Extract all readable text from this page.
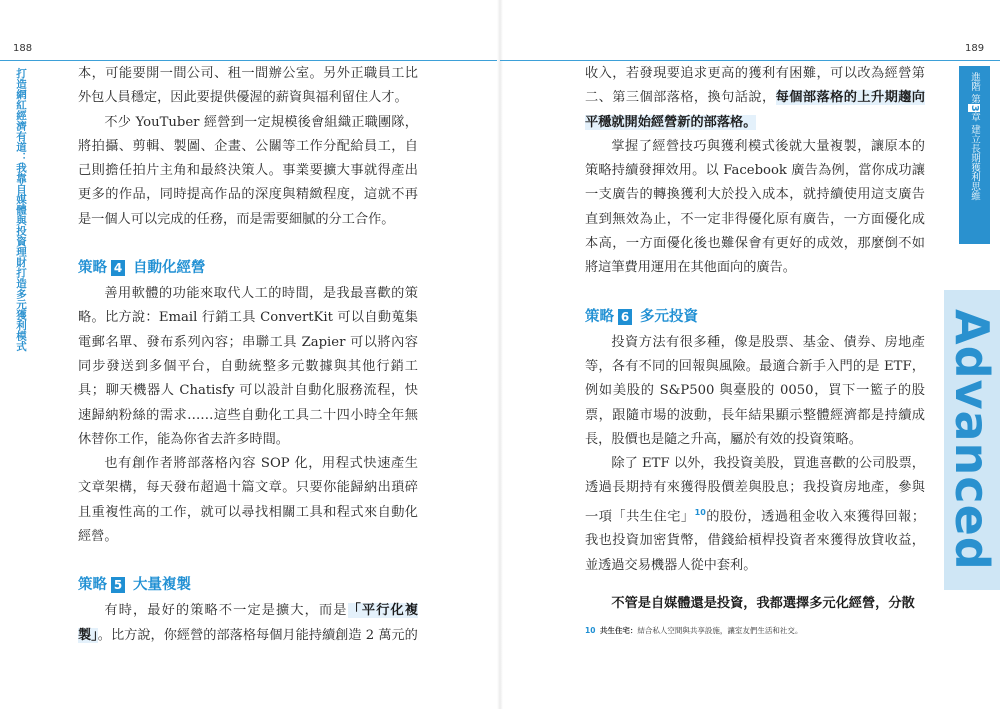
188
打造網紅經濟有道：我靠自媒體與投資理財打造多元獲利模式	本，可能要開一間公司、租一間辦公室。另外正職員工比外包人員穩定，因此要提供優渥的薪資與福利留住人才。

不少 YouTuber 經營到一定規模後會組織正職團隊，將拍攝、剪輯、製圖、企畫、公關等工作分配給員工，自己則擔任拍片主角和最終決策人。事業要擴大事就得產出更多的作品，同時提高作品的深度與精緻程度，這就不再是一個人可以完成的任務，而是需要細膩的分工合作。

策略 4 自動化經營

善用軟體的功能來取代人工的時間，是我最喜歡的策略。比方說：Email 行銷工具 ConvertKit 可以自動蒐集電郵名單、發布系列內容；串聯工具 Zapier 可以將內容同步發送到多個平台，自動統整多元數據與其他行銷工具；聊天機器人 Chatisfy 可以設計自動化服務流程，快速歸納粉絲的需求……這些自動化工具二十四小時全年無休替你工作，能為你省去許多時間。

也有創作者將部落格內容 SOP 化，用程式快速產生文章架構，每天發布超過十篇文章。只要你能歸納出瑣碎且重複性高的工作，就可以尋找相關工具和程式來自動化經營。

策略 5 大量複製

有時，最好的策略不一定是擴大，而是「平行化複製」。比方說，你經營的部落格每個月能持續創造 2 萬元的

189

收入，若發現要追求更高的獲利有困難，可以改為經營第二、第三個部落格，換句話說，每個部落格的上升期趨向平穩就開始經營新的部落格。

掌握了經營技巧與獲利模式後就大量複製，讓原本的策略持續發揮效用。以 Facebook 廣告為例，當你成功讓一支廣告的轉換獲利大於投入成本，就持續使用這支廣告直到無效為止，不一定非得優化原有廣告，一方面優化成本高，一方面優化後也難保會有更好的成效，那麼倒不如將這筆費用運用在其他面向的廣告。

策略 6 多元投資

投資方法有很多種，像是股票、基金、債券、房地產等，各有不同的回報與風險。最適合新手入門的是 ETF，例如美股的 S&P500 與臺股的 0050，買下一籃子的股票，跟隨市場的波動，長年結果顯示整體經濟都是持續成長，股價也是隨之升高，屬於有效的投資策略。

除了 ETF 以外，我投資美股，買進喜歡的公司股票，透過長期持有來獲得股價差與股息；我投資房地產，參與一項「共生住宅」$^{10}$的股份，透過租金收入來獲得回報；我也投資加密貨幣，借錢給槓桿投資者來獲得放貸收益，並透過交易機器人從中套利。

不管是自媒體還是投資，我都選擇多元化經營，分散

10 共生住宅：結合私人空間與共享設施，讓室友們生活和社交。
進階 第3章 建立長期獲利思維
Advanced
